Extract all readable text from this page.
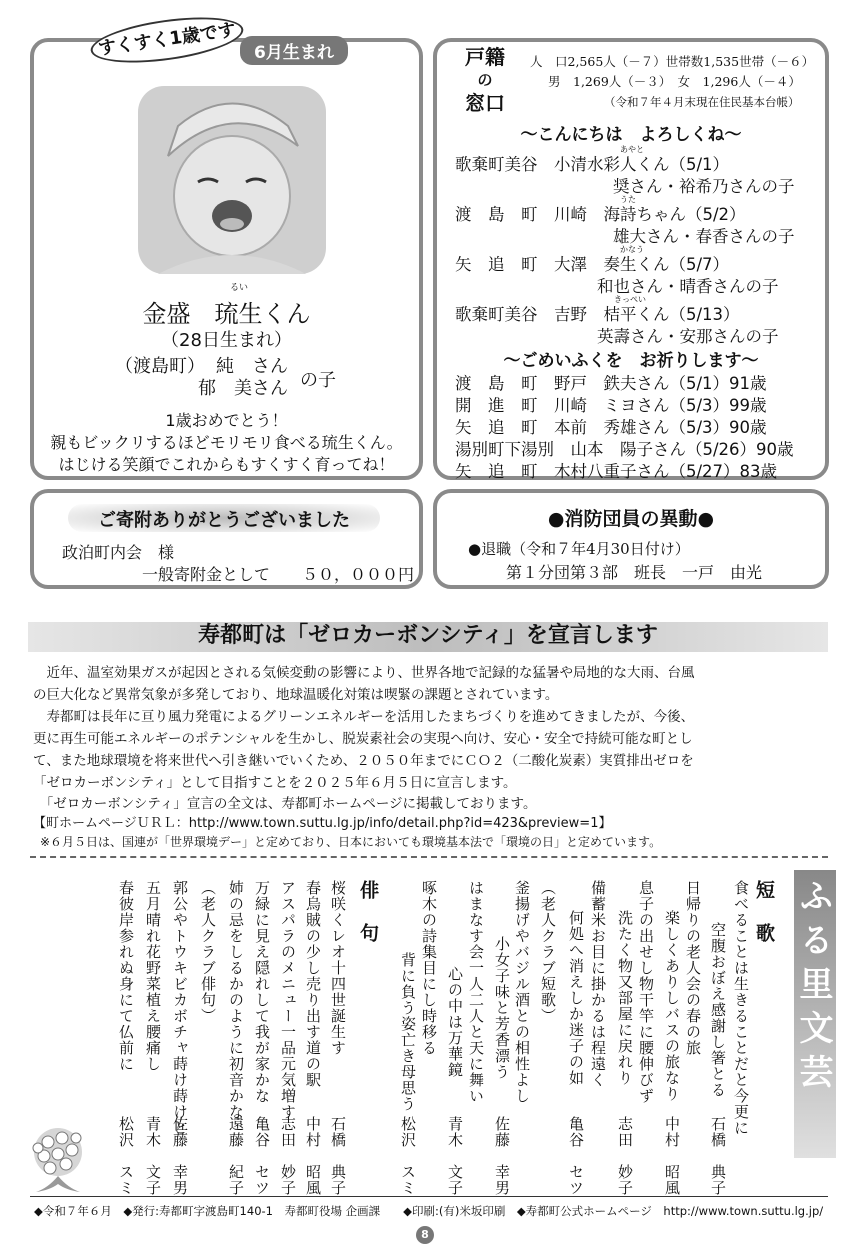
すくすく1歳です	6月生まれ
るい
金盛　琉生くん
（28日生まれ）
（渡島町） 純　さん
郁　美さん の子
1歳おめでとう！
親もビックリするほどモリモリ食べる琉生くん。
はじける笑顔でこれからもすくすく育ってね！
戸籍
の
窓口
人　口2,565人（－７）世帯数1,535世帯（－６）
男　1,269人（－３）　女　1,296人（－４）
（令和７年４月末現在住民基本台帳）
～こんにちは　よろしくね～
あやと
歌棄町美谷　小清水彩人くん（5/1）
奨さん・裕希乃さんの子
うた
渡　島　町　川崎　海詩ちゃん（5/2）
雄大さん・春香さんの子
かなう
矢　追　町　大澤　奏生くん（5/7）
和也さん・晴香さんの子
きっぺい
歌棄町美谷　吉野　桔平くん（5/13）
英壽さん・安那さんの子
～ごめいふくを　お祈りします～
渡　島　町　野戸　鉄夫さん（5/1）91歳
開　進　町　川崎　ミヨさん（5/3）99歳
矢　追　町　本前　秀雄さん（5/3）90歳
湯別町下湯別　山本　陽子さん（5/26）90歳
矢　追　町　木村八重子さん（5/27）83歳
ご寄附ありがとうございました
政泊町内会　様
一般寄附金として　　５０，０００円
●消防団員の異動●
●退職（令和７年4月30日付け）
第１分団第３部　班長　一戸　由光
寿都町は「ゼロカーボンシティ」を宣言します
　近年、温室効果ガスが起因とされる気候変動の影響により、世界各地で記録的な猛暑や局地的な大雨、台風
の巨大化など異常気象が多発しており、地球温暖化対策は喫緊の課題とされています。
　寿都町は長年に亘り風力発電によるグリーンエネルギーを活用したまちづくりを進めてきましたが、今後、
更に再生可能エネルギーのポテンシャルを生かし、脱炭素社会の実現へ向け、安心・安全で持続可能な町とし
て、また地球環境を将来世代へ引き継いでいくため、２０５０年までにＣＯ２（二酸化炭素）実質排出ゼロを
「ゼロカーボンシティ」として目指すことを２０２５年６月５日に宣言します。
　「ゼロカーボンシティ」宣言の全文は、寿都町ホームページに掲載しております。
【町ホームページＵＲＬ：http://www.town.suttu.lg.jp/info/detail.php?id=423&preview=1】
※６月５日は、国連が「世界環境デー」と定めており、日本においても環境基本法で「環境の日」と定めています。
ふる里文芸
短歌
食べることは生きることだと今更に
空腹おぼえ感謝し箸とる
石橋　典子
日帰りの老人会の春の旅
楽しくありしバスの旅なり
中村　昭風
息子の出せし物干竿に腰伸びず
洗たく物又部屋に戻れり
志田　妙子
備蓄米お目に掛かるは程遠く
何処へ消えしか迷子の如
亀谷　セツ
（老人クラブ短歌）
釜揚げやバジル酒との相性よし
小女子味と芳香漂う
佐藤　幸男
はまなす会一人二人と天に舞い
心の中は万華鏡
青木　文子
啄木の詩集目にし時移る
背に負う姿亡き母思う
松沢　スミ
俳句
桜咲くレオ十四世誕生す
石橋　典子
春烏賊の少し売り出す道の駅
中村　昭風
アスパラのメニュー一品元気増す
志田　妙子
万緑に見え隠れして我が家かな
亀谷　セツ
姉の忌をしるかのように初音かな
遠藤　紀子
（老人クラブ俳句）
郭公やトウキビカボチャ蒔け蒔けと
佐藤　幸男
五月晴れ花野菜植え腰痛し
青木　文子
春彼岸参れぬ身にて仏前に
松沢　スミ
◆令和７年６月　◆発行:寿都町字渡島町140-1　寿都町役場 企画課　　◆印刷:(有)米坂印刷　◆寿都町公式ホームページ　http://www.town.suttu.lg.jp/
8
